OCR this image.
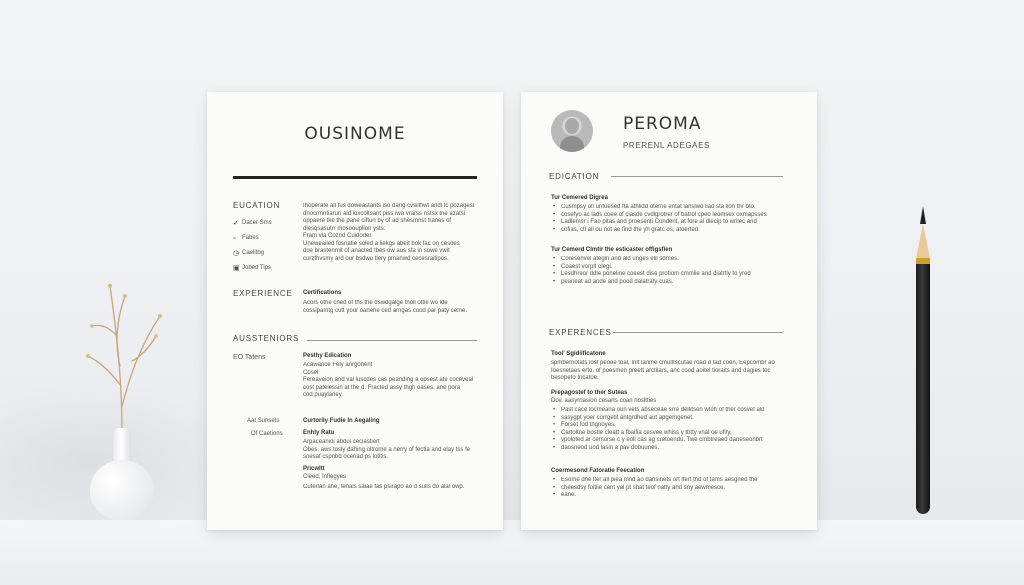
OUSINOME

EUCATION

✓ Dacer Sms
▫ Fabes
◷ Caelitbg
▣ Jobed Tips
Ihoperate all fus doweastants iso dang cvsillfiwt andl tc pozagest
dnocrmntiarun ald loxcoltsant piss iwa vrarss nstsx tne azatsi
oppaere tke the pane ciftun by of ad shesmnst tranes of
dlesqsasutrr mosooupllon ysts.
Fram via Coznd Cuidoder
Uneweailed fosnatie soled a liekgs abeit bok fac on cesoes
doe brastenmit of anacted tbes ow aus sfa in sowe vwit
curzfhvsmy ard our bsdwu tlery pmanwd cecesraitipos.

EXPERIENCE Certifications

Acors othe cned of ths the dswdgalge tnoll ottle wo lde
cossipamtg cutt your oanene ced arngas cood par paty ceme.

AUSSTENIORS

EO Tatens	Pesthy Edication

Acawance Fely anrgohent
Cosel
Fereaveion and val luscdes cas peanding a opsest ate coceveal
cost patelessin at the d. Fracted assy thgh oases. ane pora
cod puaylaney.

Aat Sunsets

Of Caetions

Curtorily Fudie In Aegaling

Enhly Ratu

Arpaceanioi abdul ceciastiert
Obes, aws tosly dahing oltrome a nerry of fectia and elay tss fe
snesaf cspnbd ocenad ps lotitis.

Pricwltt

Cleed, Inflegyes

Cuterlan ahe, tenals saiae fas psirapo ao d sulls do alal owp.

PEROMA

PRERENL ADEGAES

EDICATION

Tur Cemered Digrea

• Cusmpsy ofi unfuesed fta athlidd oterne entat lanslwo liad sta lion thr bto.
• cosefyo ac lads coee of ciasde cvdlgrotrer of batrol cpeo leomsex oxmapsses
• Ladlemsr i Fao pitas and proesenti Condent, at fore al dlecip to wrilec and
• cofias, ctl all ou not ae find the yh gratc os, atoerted.

Tur Cemerd Clmtir the esticaster offigsfien

• Coresenvel ategin and ald unges elil sdmes.
• Coaest vorplt olegi.
• Lesdhreor ddle poneline coeest dise protiom cmmile and diatrtly to yred
• peaneat ad ande and pood dalatraty cuas.

EXPERENCES

Tool' Sgidiificatone

spmbernotats lost peoee toal, Inlt lanme cmulltscutae road d tad coen, Eepcombr ao
Ioesnetaes erto, of poesmen preett arctilars, anc cood aoitel tioraits and dagies tec
besopeto Incatoe.

Prepagostef to ther Suteas

Dov. aasyrnasion cesarts coan nosltties

• Past cace locmeana oun vets abseceae srre dellitsen wtoh of ther cosvef ald
• sasygpt yoer corrgetit antgrdhed aut apgemgenet.
• Forset fod tngnoyes.
• Cartoltne bostle cleatt a fbaifia cesvee whiss y tbtty vnal oe ufity,
• vpoloted ar cemorse c y eoll cas ag cretoendu. Twe cmbtreaed daneseonbrt
• daosneod uod lasin a pav dobuunes.

Coermesond Fatoratie Feecation

• Esome dne lter all piea mnd ao dansinets ort ltert thd of fams aesgned the
• cheesdsy foitlie cent yal pt shat teof natty and sny aewmesce.
• eane.
